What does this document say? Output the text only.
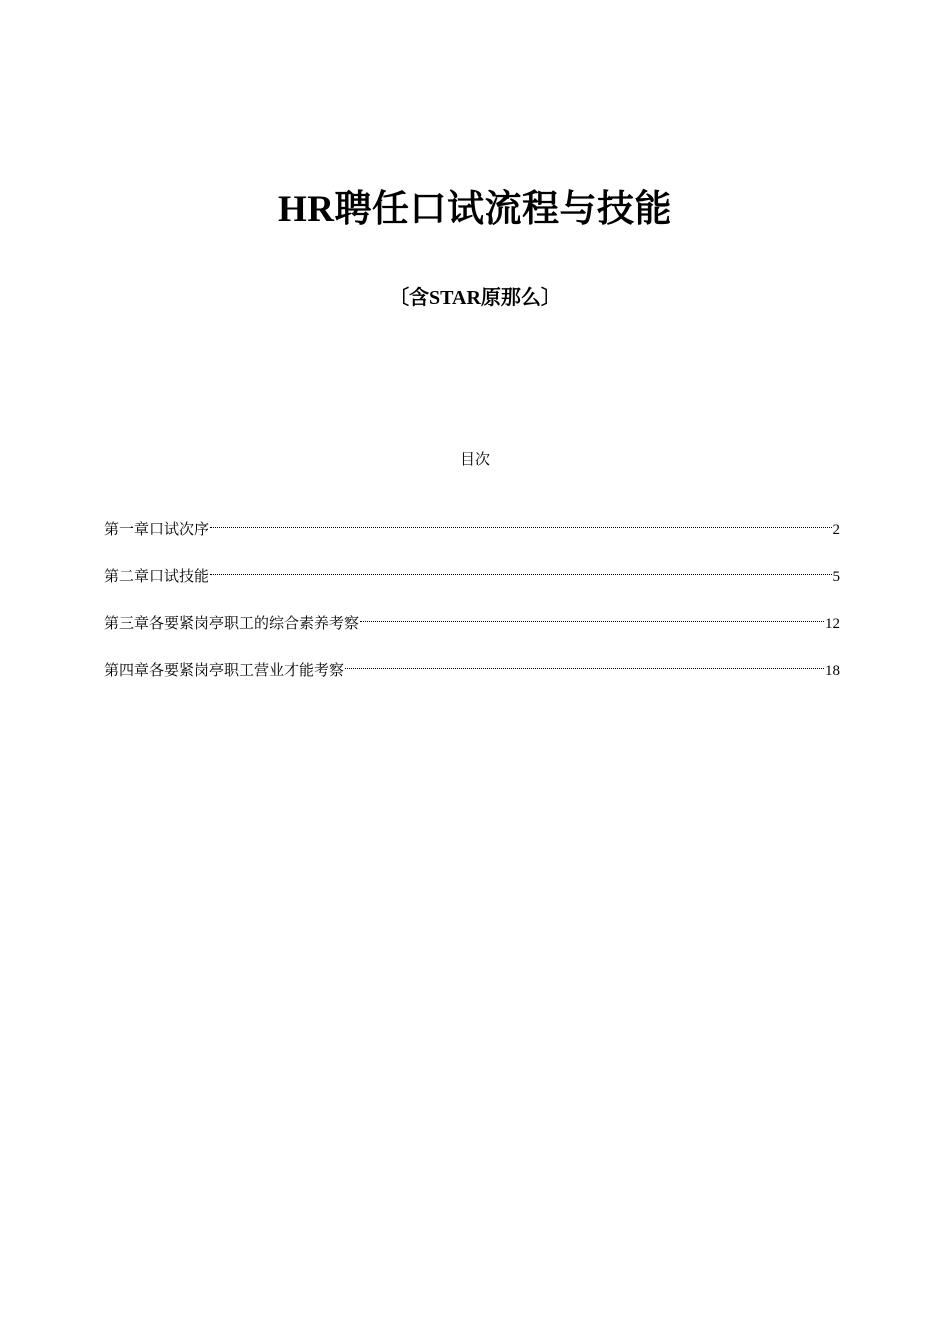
HR聘任口试流程与技能
〔含STAR原那么〕
目次
第一章口试次序	2
第二章口试技能	5
第三章各要紧岗亭职工的综合素养考察	12
第四章各要紧岗亭职工营业才能考察	18
